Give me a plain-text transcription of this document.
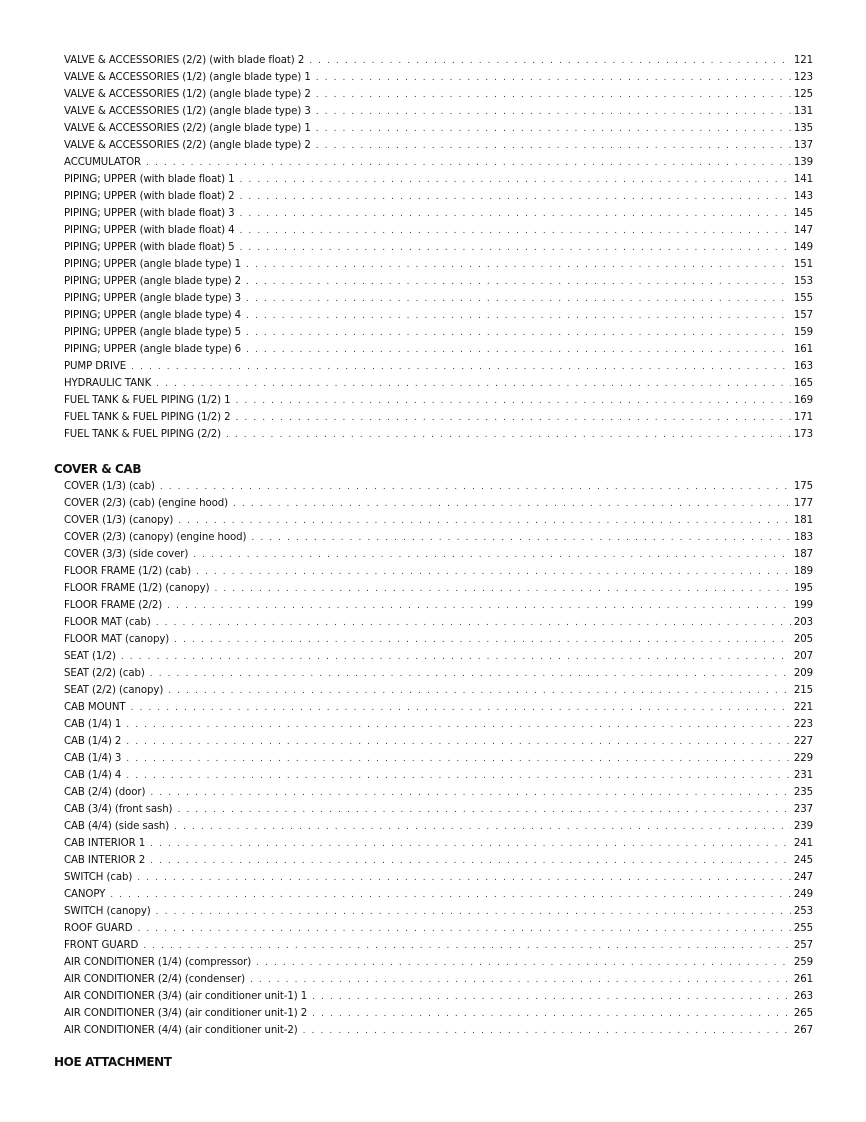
VALVE & ACCESSORIES (2/2) (with blade float) 2 . . .	121
VALVE & ACCESSORIES (1/2) (angle blade type) 1 . . .	123
VALVE & ACCESSORIES (1/2) (angle blade type) 2 . . .	125
VALVE & ACCESSORIES (1/2) (angle blade type) 3 . . .	131
VALVE & ACCESSORIES (2/2) (angle blade type) 1 . . .	135
VALVE & ACCESSORIES (2/2) (angle blade type) 2 . . .	137
ACCUMULATOR . . .	139
PIPING; UPPER (with blade float) 1 . . .	141
PIPING; UPPER (with blade float) 2 . . .	143
PIPING; UPPER (with blade float) 3 . . .	145
PIPING; UPPER (with blade float) 4 . . .	147
PIPING; UPPER (with blade float) 5 . . .	149
PIPING; UPPER (angle blade type) 1 . . .	151
PIPING; UPPER (angle blade type) 2 . . .	153
PIPING; UPPER (angle blade type) 3 . . .	155
PIPING; UPPER (angle blade type) 4 . . .	157
PIPING; UPPER (angle blade type) 5 . . .	159
PIPING; UPPER (angle blade type) 6 . . .	161
PUMP DRIVE . . .	163
HYDRAULIC TANK . . .	165
FUEL TANK & FUEL PIPING (1/2) 1 . . .	169
FUEL TANK & FUEL PIPING (1/2) 2 . . .	171
FUEL TANK & FUEL PIPING (2/2) . . .	173
COVER & CAB
COVER (1/3) (cab) . . .	175
COVER (2/3) (cab) (engine hood) . . .	177
COVER (1/3) (canopy) . . .	181
COVER (2/3) (canopy) (engine hood) . . .	183
COVER (3/3) (side cover) . . .	187
FLOOR FRAME (1/2) (cab) . . .	189
FLOOR FRAME (1/2) (canopy) . . .	195
FLOOR FRAME (2/2) . . .	199
FLOOR MAT (cab) . . .	203
FLOOR MAT (canopy) . . .	205
SEAT (1/2) . . .	207
SEAT (2/2) (cab) . . .	209
SEAT (2/2) (canopy) . . .	215
CAB MOUNT . . .	221
CAB (1/4) 1 . . .	223
CAB (1/4) 2 . . .	227
CAB (1/4) 3 . . .	229
CAB (1/4) 4 . . .	231
CAB (2/4) (door) . . .	235
CAB (3/4) (front sash) . . .	237
CAB (4/4) (side sash) . . .	239
CAB INTERIOR 1 . . .	241
CAB INTERIOR 2 . . .	245
SWITCH (cab) . . .	247
CANOPY . . .	249
SWITCH (canopy) . . .	253
ROOF GUARD . . .	255
FRONT GUARD . . .	257
AIR CONDITIONER (1/4) (compressor) . . .	259
AIR CONDITIONER (2/4) (condenser) . . .	261
AIR CONDITIONER (3/4) (air conditioner unit-1) 1 . . .	263
AIR CONDITIONER (3/4) (air conditioner unit-1) 2 . . .	265
AIR CONDITIONER (4/4) (air conditioner unit-2) . . .	267
HOE ATTACHMENT
